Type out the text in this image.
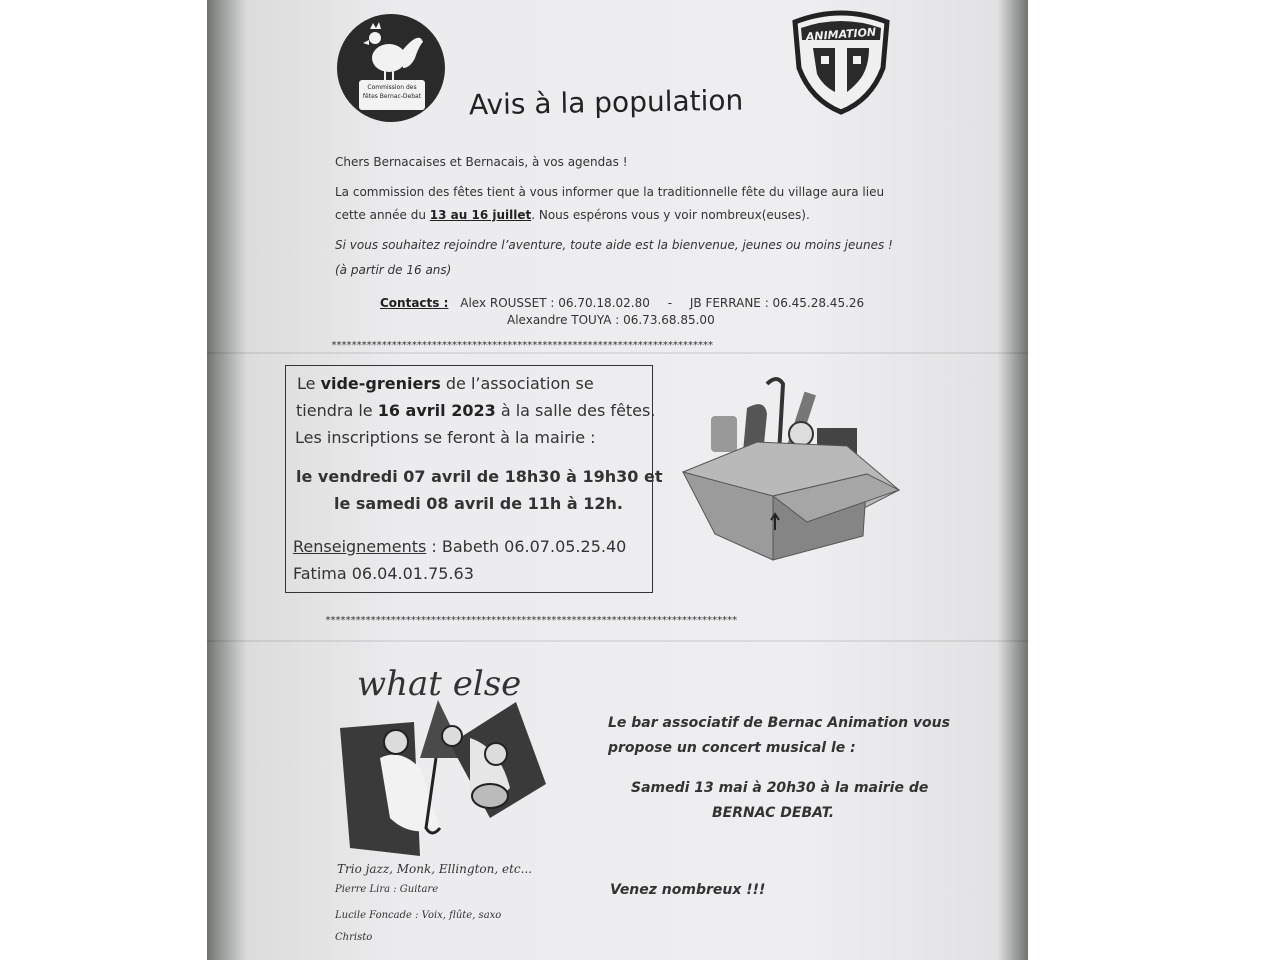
Commission des fêtes Bernac-Debat
ANIMATION
Avis à la population
Chers Bernacaises et Bernacais, à vos agendas !
La commission des fêtes tient à vous informer que la traditionnelle fête du village aura lieu
cette année du 13 au 16 juillet. Nous espérons vous y voir nombreux(euses).
Si vous souhaitez rejoindre l’aventure, toute aide est la bienvenue, jeunes ou moins jeunes !
(à partir de 16 ans)
Contacts : Alex ROUSSET : 06.70.18.02.80 - JB FERRANE : 06.45.28.45.26
Alexandre TOUYA : 06.73.68.85.00
****************************************************************************
Le vide-greniers de l’association se
tiendra le 16 avril 2023 à la salle des fêtes.
Les inscriptions se feront à la mairie :
le vendredi 07 avril de 18h30 à 19h30 et
le samedi 08 avril de 11h à 12h.
Renseignements : Babeth 06.07.05.25.40
Fatima 06.04.01.75.63
**********************************************************************************
what else
Trio jazz, Monk, Ellington, etc...
Pierre Lira : Guitare
Lucile Foncade : Voix, flûte, saxo
Christo
Le bar associatif de Bernac Animation vous
propose un concert musical le :
Samedi 13 mai à 20h30 à la mairie de
BERNAC DEBAT.
Venez nombreux !!!
